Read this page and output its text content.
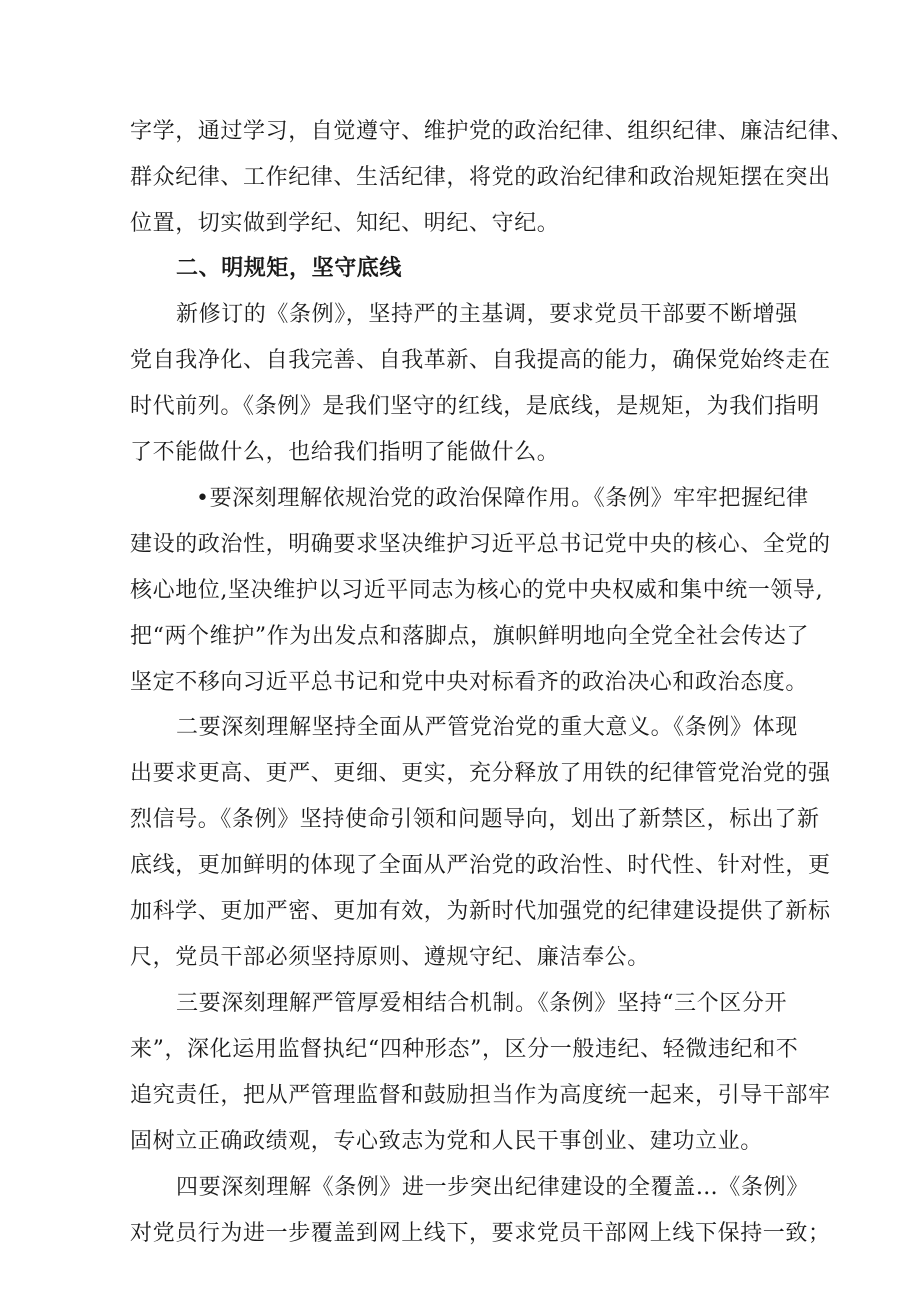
字学，通过学习，自觉遵守、维护党的政治纪律、组织纪律、廉洁纪律、
群众纪律、工作纪律、生活纪律，将党的政治纪律和政治规矩摆在突出
位置，切实做到学纪、知纪、明纪、守纪。
二、明规矩，坚守底线
新修订的《条例》，坚持严的主基调，要求党员干部要不断增强
党自我净化、自我完善、自我革新、自我提高的能力，确保党始终走在
时代前列。《条例》是我们坚守的红线，是底线，是规矩，为我们指明
了不能做什么，也给我们指明了能做什么。
•要深刻理解依规治党的政治保障作用。《条例》牢牢把握纪律
建设的政治性，明确要求坚决维护习近平总书记党中央的核心、全党的
核心地位,坚决维护以习近平同志为核心的党中央权威和集中统一领导,
把“两个维护”作为出发点和落脚点，旗帜鲜明地向全党全社会传达了
坚定不移向习近平总书记和党中央对标看齐的政治决心和政治态度。
二要深刻理解坚持全面从严管党治党的重大意义。《条例》体现
出要求更高、更严、更细、更实，充分释放了用铁的纪律管党治党的强
烈信号。《条例》坚持使命引领和问题导向，划出了新禁区，标出了新
底线，更加鲜明的体现了全面从严治党的政治性、时代性、针对性，更
加科学、更加严密、更加有效，为新时代加强党的纪律建设提供了新标
尺，党员干部必须坚持原则、遵规守纪、廉洁奉公。
三要深刻理解严管厚爱相结合机制。《条例》坚持“三个区分开
来”，深化运用监督执纪“四种形态”，区分一般违纪、轻微违纪和不
追究责任，把从严管理监督和鼓励担当作为高度统一起来，引导干部牢
固树立正确政绩观，专心致志为党和人民干事创业、建功立业。
四要深刻理解《条例》进一步突出纪律建设的全覆盖…《条例》
对党员行为进一步覆盖到网上线下，要求党员干部网上线下保持一致；
